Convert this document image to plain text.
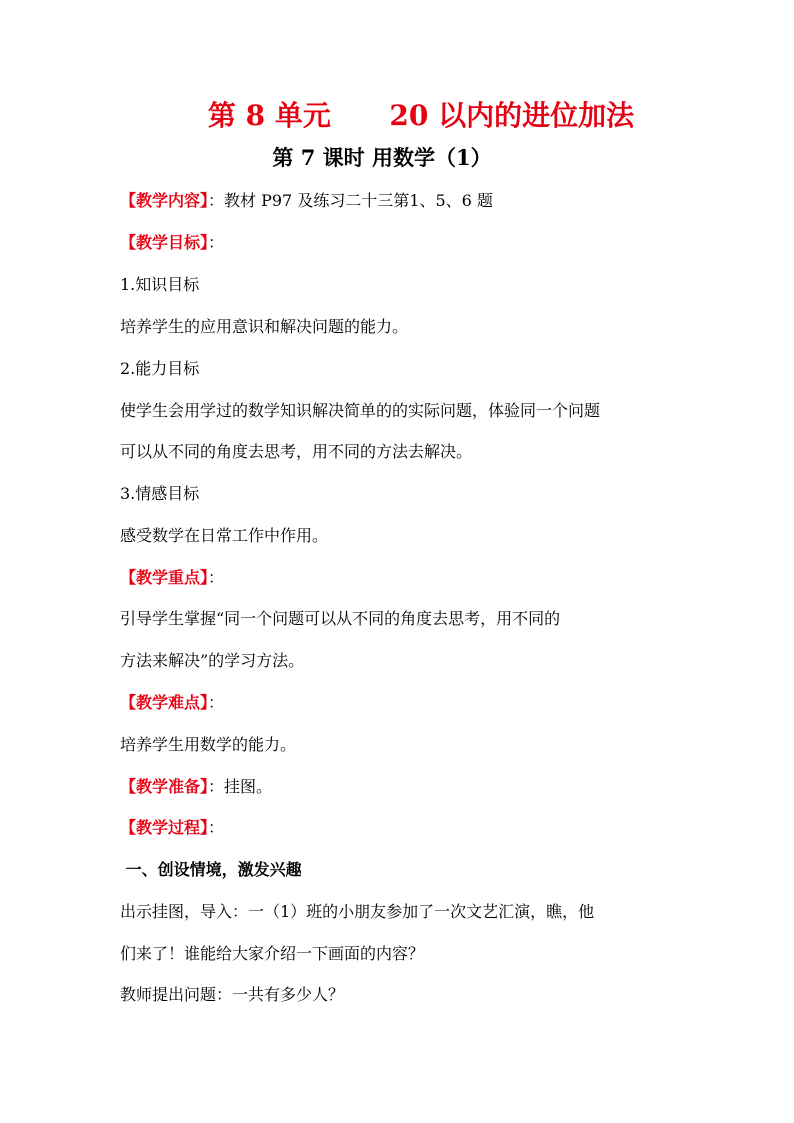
第 8 单元      20 以内的进位加法
第 7 课时 用数学（1）
【教学内容】：教材 P97 及练习二十三第1、5、6 题
【教学目标】：
1.知识目标
培养学生的应用意识和解决问题的能力。
2.能力目标
使学生会用学过的数学知识解决简单的的实际问题，体验同一个问题
可以从不同的角度去思考，用不同的方法去解决。
3.情感目标
感受数学在日常工作中作用。
【教学重点】：
引导学生掌握“同一个问题可以从不同的角度去思考，用不同的
方法来解决”的学习方法。
【教学难点】：
培养学生用数学的能力。
【教学准备】：挂图。
【教学过程】：
一、创设情境，激发兴趣
出示挂图，导入：一（1）班的小朋友参加了一次文艺汇演，瞧，他
们来了！谁能给大家介绍一下画面的内容？
教师提出问题：一共有多少人？
